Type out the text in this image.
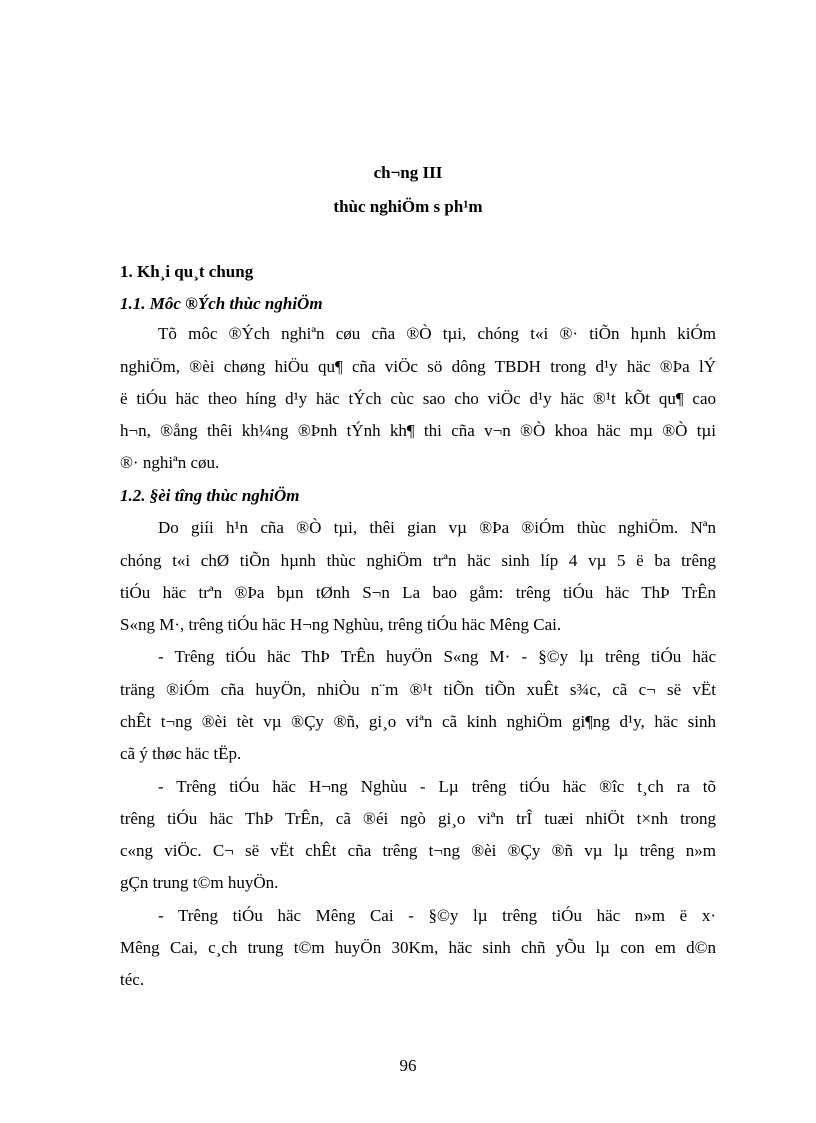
ch¬ng III
thùc nghiÖm s ph¹m
1. Kh¸i qu¸t chung
1.1. Môc ®Ých thùc nghiÖm
Tõ môc ®Ých nghiªn cøu cña ®Ò tµi, chóng t«i ®· tiÕn hµnh kiÓm
nghiÖm, ®èi chøng hiÖu qu¶ cña viÖc sö dông TBDH trong d¹y häc ®Þa lÝ
ë tiÓu häc theo híng d¹y häc tÝch cùc sao cho viÖc d¹y häc ®¹t kÕt qu¶ cao
h¬n, ®ång thêi kh¼ng ®Þnh tÝnh kh¶ thi cña v¬n ®Ò khoa häc mµ ®Ò tµi
®· nghiªn cøu.
1.2. §èi tîng thùc nghiÖm
Do giíi h¹n cña ®Ò tµi, thêi gian vµ ®Þa ®iÓm thùc nghiÖm. Nªn
chóng t«i chØ tiÕn hµnh thùc nghiÖm trªn häc sinh líp 4 vµ 5 ë ba trêng
tiÓu häc trªn ®Þa bµn tØnh S¬n La bao gåm: trêng tiÓu häc ThÞ TrÊn
S«ng M·, trêng tiÓu häc H¬ng Nghùu, trêng tiÓu häc Mêng Cai.
- Trêng tiÓu häc ThÞ TrÊn huyÖn S«ng M· - §©y lµ trêng tiÓu häc
träng ®iÓm cña huyÖn, nhiÒu n¨m ®¹t tiÕn tiÕn xuÊt s¾c, cã c¬ së vËt
chÊt t¬ng ®èi tèt vµ ®Çy ®ñ, gi¸o viªn cã kinh nghiÖm gi¶ng d¹y, häc sinh
cã ý thøc häc tËp.
- Trêng tiÓu häc H¬ng Nghùu - Lµ trêng tiÓu häc ®îc t¸ch ra tõ
trêng tiÓu häc ThÞ TrÊn, cã ®éi ngò gi¸o viªn trÎ tuæi nhiÖt t×nh trong
c«ng viÖc. C¬ së vËt chÊt cña trêng t¬ng ®èi ®Çy ®ñ vµ lµ trêng n»m
gÇn trung t©m huyÖn.
- Trêng tiÓu häc Mêng Cai - §©y lµ trêng tiÓu häc n»m ë x·
Mêng Cai, c¸ch trung t©m huyÖn 30Km, häc sinh chñ yÕu lµ con em d©n
téc.
96
